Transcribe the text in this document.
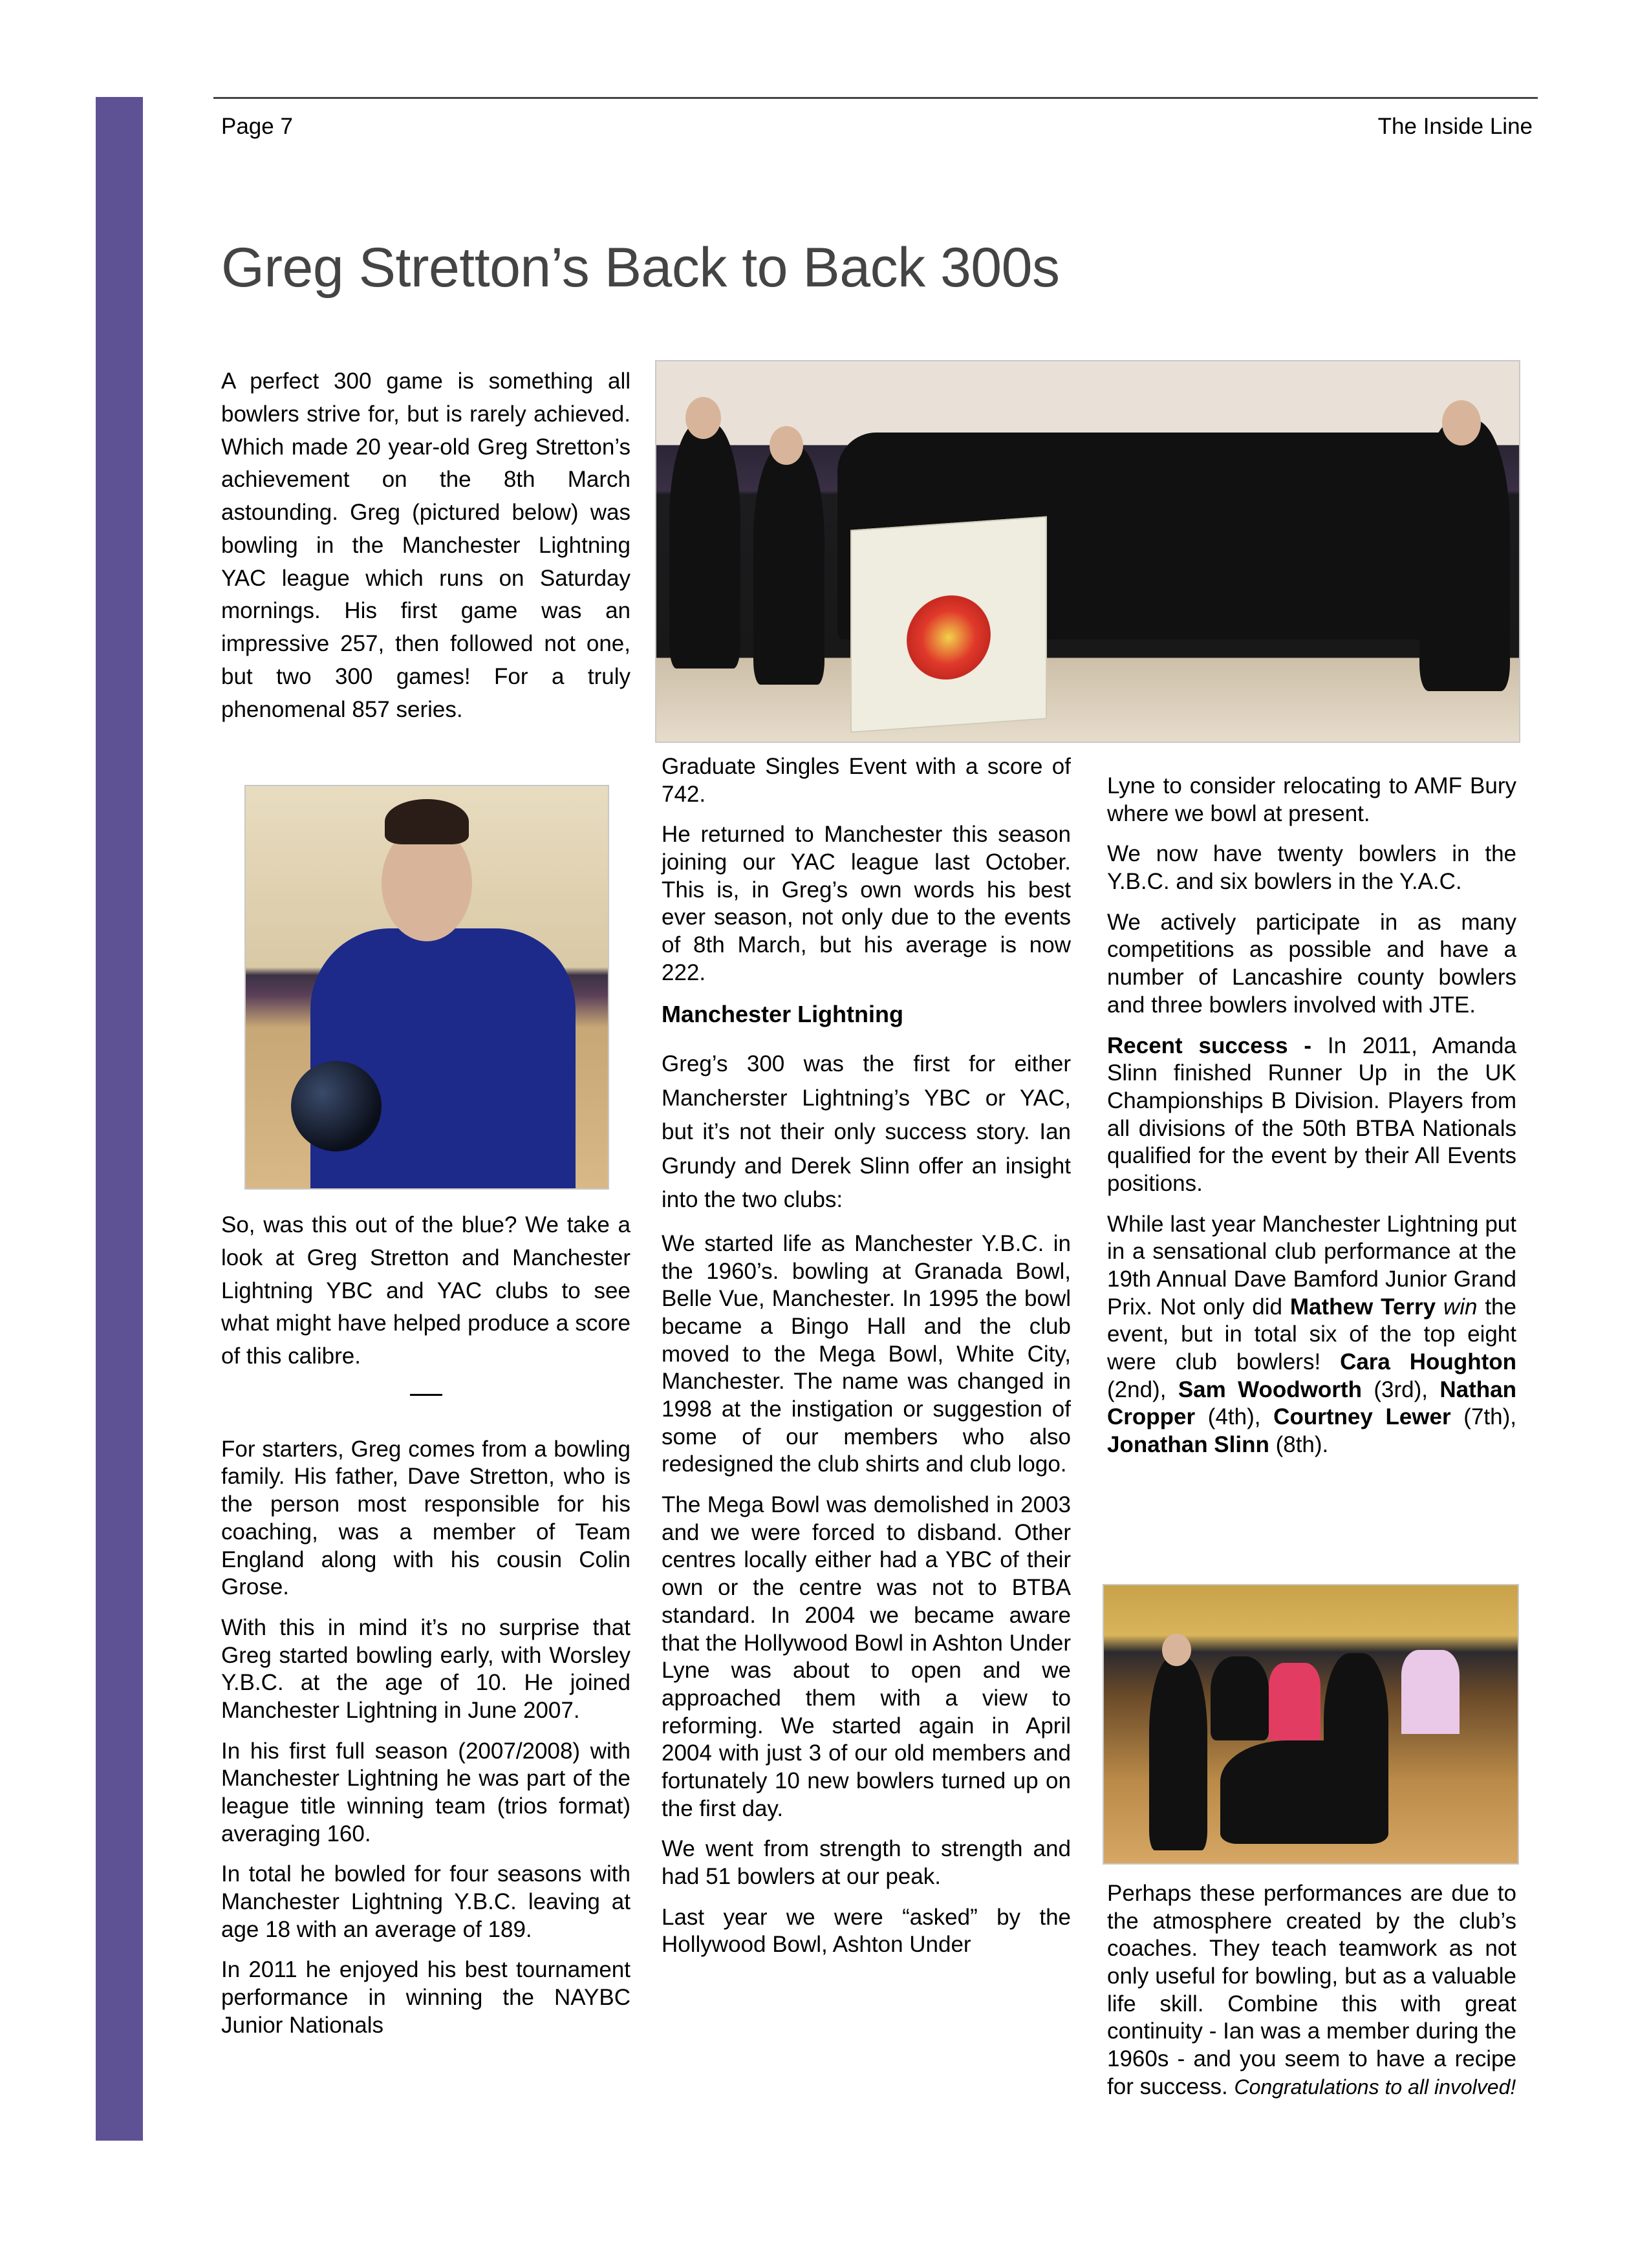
Page 7	The Inside Line
Greg Stretton’s Back to Back 300s

A perfect 300 game is something all bowlers strive for, but is rarely achieved. Which made 20 year-old Greg Stretton’s achievement on the 8th March astounding. Greg (pictured below) was bowling in the Manchester Lightning YAC league which runs on Saturday mornings. His first game was an impressive 257, then followed not one, but two 300 games! For a truly phenomenal 857 series.

So, was this out of the blue? We take a look at Greg Stretton and Manchester Lightning YBC and YAC clubs to see what might have helped produce a score of this calibre.

For starters, Greg comes from a bowling family. His father, Dave Stretton, who is the person most responsible for his coaching, was a member of Team England along with his cousin Colin Grose.

With this in mind it’s no surprise that Greg started bowling early, with Worsley Y.B.C. at the age of 10. He joined Manchester Lightning in June 2007.

In his first full season (2007/2008) with Manchester Lightning he was part of the league title winning team (trios format) averaging 160.

In total he bowled for four seasons with Manchester Lightning Y.B.C. leaving at age 18 with an average of 189.

In 2011 he enjoyed his best tournament performance in winning the NAYBC Junior Nationals

Graduate Singles Event with a score of 742.

He returned to Manchester this season joining our YAC league last October. This is, in Greg’s own words his best ever season, not only due to the events of 8th March, but his average is now 222.

Manchester Lightning

Greg’s 300 was the first for either Mancherster Lightning’s YBC or YAC, but it’s not their only success story. Ian Grundy and Derek Slinn offer an insight into the two clubs:

We started life as Manchester Y.B.C. in the 1960’s. bowling at Granada Bowl, Belle Vue, Manchester. In 1995 the bowl became a Bingo Hall and the club moved to the Mega Bowl, White City, Manchester. The name was changed in 1998 at the instigation or suggestion of some of our members who also redesigned the club shirts and club logo.

The Mega Bowl was demolished in 2003 and we were forced to disband. Other centres locally either had a YBC of their own or the centre was not to BTBA standard. In 2004 we became aware that the Hollywood Bowl in Ashton Under Lyne was about to open and we approached them with a view to reforming. We started again in April 2004 with just 3 of our old members and fortunately 10 new bowlers turned up on the first day.

We went from strength to strength and had 51 bowlers at our peak.

Last year we were “asked” by the Hollywood Bowl, Ashton Under

Lyne to consider relocating to AMF Bury where we bowl at present.

We now have twenty bowlers in the Y.B.C. and six bowlers in the Y.A.C.

We actively participate in as many competitions as possible and have a number of Lancashire county bowlers and three bowlers involved with JTE.

Recent success - In 2011, Amanda Slinn finished Runner Up in the UK Championships B Division. Players from all divisions of the 50th BTBA Nationals qualified for the event by their All Events positions.

While last year Manchester Lightning put in a sensational club performance at the 19th Annual Dave Bamford Junior Grand Prix. Not only did Mathew Terry win the event, but in total six of the top eight were club bowlers! Cara Houghton (2nd), Sam Woodworth (3rd), Nathan Cropper (4th), Courtney Lewer (7th), Jonathan Slinn (8th).

Perhaps these performances are due to the atmosphere created by the club’s coaches. They teach teamwork as not only useful for bowling, but as a valuable life skill. Combine this with great continuity - Ian was a member during the 1960s - and you seem to have a recipe for success. Congratulations to all involved!
